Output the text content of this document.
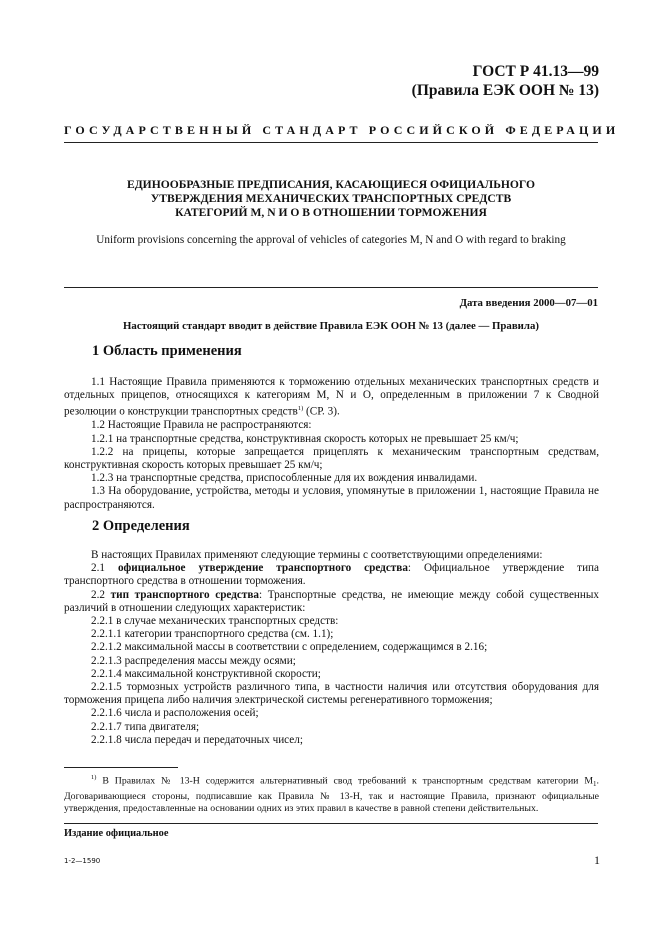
ГОСТ Р 41.13—99
(Правила ЕЭК ООН № 13)
ГОСУДАРСТВЕННЫЙ СТАНДАРТ РОССИЙСКОЙ ФЕДЕРАЦИИ
ЕДИНООБРАЗНЫЕ ПРЕДПИСАНИЯ, КАСАЮЩИЕСЯ ОФИЦИАЛЬНОГО
УТВЕРЖДЕНИЯ МЕХАНИЧЕСКИХ ТРАНСПОРТНЫХ СРЕДСТВ
КАТЕГОРИЙ М, N И О В ОТНОШЕНИИ ТОРМОЖЕНИЯ
Uniform provisions concerning the approval of vehicles of categories M, N and O with regard to braking
Дата введения 2000—07—01
Настоящий стандарт вводит в действие Правила ЕЭК ООН № 13 (далее — Правила)
1 Область применения

1.1 Настоящие Правила применяются к торможению отдельных механических транспортных средств и отдельных прицепов, относящихся к категориям М, N и О, определенным в приложении 7 к Сводной резолюции о конструкции транспортных средств$^{1)}$ (СР. 3).

1.2 Настоящие Правила не распространяются:

1.2.1 на транспортные средства, конструктивная скорость которых не превышает 25 км/ч;

1.2.2 на прицепы, которые запрещается прицеплять к механическим транспортным средствам, конструктивная скорость которых превышает 25 км/ч;

1.2.3 на транспортные средства, приспособленные для их вождения инвалидами.

1.3 На оборудование, устройства, методы и условия, упомянутые в приложении 1, настоящие Правила не распространяются.

2 Определения

В настоящих Правилах применяют следующие термины с соответствующими определениями:

2.1 официальное утверждение транспортного средства: Официальное утверждение типа транспортного средства в отношении торможения.

2.2 тип транспортного средства: Транспортные средства, не имеющие между собой существенных различий в отношении следующих характеристик:

2.2.1 в случае механических транспортных средств:

2.2.1.1 категории транспортного средства (см. 1.1);

2.2.1.2 максимальной массы в соответствии с определением, содержащимся в 2.16;

2.2.1.3 распределения массы между осями;

2.2.1.4 максимальной конструктивной скорости;

2.2.1.5 тормозных устройств различного типа, в частности наличия или отсутствия оборудования для торможения прицепа либо наличия электрической системы регенеративного торможения;

2.2.1.6 числа и расположения осей;

2.2.1.7 типа двигателя;

2.2.1.8 числа передач и передаточных чисел;

$^{1)}$ В Правилах № 13-Н содержится альтернативный свод требований к транспортным средствам категории $М_1$. Договаривающиеся стороны, подписавшие как Правила № 13-Н, так и настоящие Правила, признают официальные утверждения, предоставленные на основании одних из этих правил в качестве в равной степени действительных.

Издание официальное
1-2—1590	1
